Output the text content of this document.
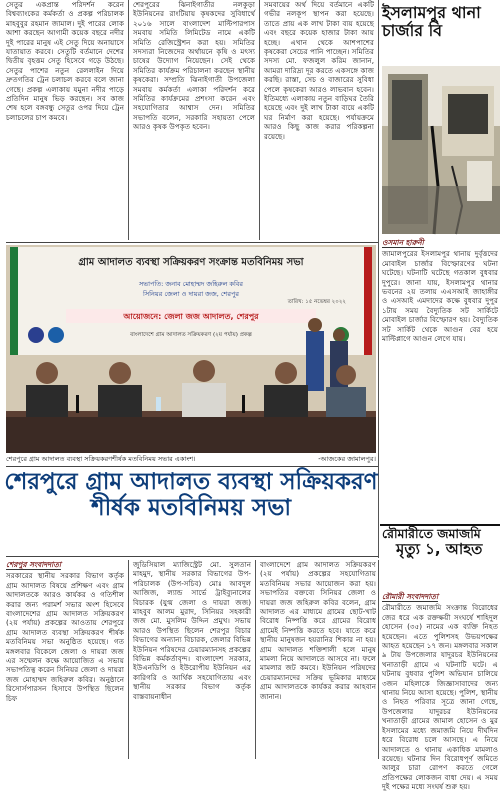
সেতুর একপ্রান্ত পরিদর্শন করেন বিশ্বব্যাংকের কর্মকর্তা ও প্রকল্প পরিচালক মাহবুবুর রহমান জামাল। দুই পারের লোক আশা করছেন আগামী কয়েক বছরে নদীর দুই পারের মানুষ এই সেতু দিয়ে অনায়াসে যাতায়াত করবে। সেতুটি বর্তমানে দেশের দ্বিতীয় বৃহত্তম সেতু হিসেবে গড়ে উঠছে। সেতুর পাশের নতুন রেললাইন দিয়ে দ্রুতগতির ট্রেন চলাচল করবে বলে জানা গেছে। প্রকল্প এলাকায় যমুনা নদীর পাড়ে প্রতিদিন মানুষ ভিড় করছেন। সব কাজ শেষ হলে বঙ্গবন্ধু সেতুর ওপর দিয়ে ট্রেন চলাচলের চাপ কমবে।

শেরপুরের ঝিনাইগাতীর নলকুড়া ইউনিয়নের রাংটিয়ায় কৃষকদের সুবিধার্থে ২০১৬ সালে বাংলাদেশ মাল্টিপারপাস সমবায় সমিতি লিমিটেড নামে একটি সমিতি রেজিস্ট্রেশন করা হয়। সমিতির সদস্যরা নিজেদের অর্থায়নে কৃষি ও মৎস্য চাষের উদ্যোগ নিয়েছেন। সেই থেকে সমিতির কার্যক্রম পরিচালনা করছেন স্থানীয় কৃষকেরা। সম্প্রতি ঝিনাইগাতী উপজেলা সমবায় কর্মকর্তা এলাকা পরিদর্শন করে সমিতির কার্যক্রমের প্রশংসা করেন এবং সহযোগিতার আশ্বাস দেন। সমিতির সভাপতি বলেন, সরকারি সহায়তা পেলে আরও কৃষক উপকৃত হবেন।

সমবায়ের অর্থ দিয়ে বর্তমানে একটি গভীর নলকূপ স্থাপন করা হয়েছে। তাতে প্রায় এক লাখ টাকা ব্যয় হয়েছে এবং বছরে কয়েক হাজার টাকা আয় হচ্ছে। এখান থেকে আশপাশের কৃষকেরা সেচের পানি পাচ্ছেন। সমিতির সদস্য মো. ফজলুল করিম জানান, আমরা দারিদ্র্য দূর করতে একসঙ্গে কাজ করছি। রাস্তা, সেচ ও বাজারের সুবিধা পেলে কৃষকেরা আরও লাভবান হবেন। ইতিমধ্যে এলাকায় নতুন বাড়িঘর তৈরি হয়েছে এবং দুই লাখ টাকা ব্যয়ে একটি ঘর নির্মাণ করা হয়েছে। পর্যায়ক্রমে আরও কিছু কাজ করার পরিকল্পনা রয়েছে।

ইসলামপুর থানা চার্জার বি
ওসমান হারুনী

জামালপুরের ইসলামপুর থানায় দুর্বৃত্তদের মোবাইল চার্জার বিস্ফোরণের ঘটনা ঘটেছে। ঘটনাটি ঘটেছে গতকাল বুধবার দুপুরে। জানা যায়, ইসলামপুর থানার ভবনের ২য় তলায় এএসআই জাহাঙ্গীর ও এসআই এমদাদের কক্ষে বুধবার দুপুর ১টায় সময় বৈদ্যুতিক সট সার্কিটে মোবাইল চার্জার বিস্ফোরণ হয়। বৈদ্যুতিক সট সার্কিট থেকে আগুন বের হয়ে মাল্টিপ্লাগে আগুন লেগে যায়।

গ্রাম আদালত ব্যবস্থা সক্রিয়করণ সংক্রান্ত মতবিনিময় সভা
সভাপতি: জনাব মোহাম্মদ জহিরুল কবির
সিনিয়র জেলা ও দায়রা জজ, শেরপুর
তারিখ: ১৫ নভেম্বর ২০২২
আয়োজনে: জেলা জজ আদালত, শেরপুর
বাংলাদেশে গ্রাম আদালত সক্রিয়করণ (২য় পর্যায়) প্রকল্প
শেরপুরে গ্রাম আদালত ব্যবস্থা সক্রিয়করণশীর্ষক মতবিনিময় সভার একাংশ।	-আজকের জামালপুর।
শেরপুরে গ্রাম আদালত ব্যবস্থা সক্রিয়করণ
শীর্ষক মতবিনিময় সভা
শেরপুর সংবাদদাতা

সরকারের স্থানীয় সরকার বিভাগ কর্তৃক গ্রাম আদালত বিষয়ে প্রশিক্ষণ এবং গ্রাম আদালতকে আরও কার্যকর ও গতিশীল করার জন্য পরামর্শ সভার অংশ হিসেবে বাংলাদেশের গ্রাম আদালত সক্রিয়করণ (২য় পর্যায়) প্রকল্পের আওতায় শেরপুরে গ্রাম আদালত ব্যবস্থা সক্রিয়করণ শীর্ষক মতবিনিময় সভা অনুষ্ঠিত হয়েছে। গত মঙ্গলবার বিকেলে জেলা ও দায়রা জজ এর সম্মেলন কক্ষে আয়োজিত এ সভায় সভাপতিত্ব করেন সিনিয়র জেলা ও দায়রা জজ মোহাম্মদ জহিরুল কবির। অনুষ্ঠানে রিসোর্সপারসন হিসাবে উপস্থিত ছিলেন চিফ

জুডিসিয়াল ম্যাজিস্ট্রেট মো. সুলতান মাহমুদ, স্থানীয় সরকার বিভাগের উপ-পরিচালক (উপ-সচিব) মোঃ আবদুল আজিজ, ল্যান্ড সার্ভে ট্রাইব্যুনালের বিচারক (যুগ্ম জেলা ও দায়রা জজ) মাহবুব আলম মুরাদ, সিনিয়র সহকারী জজ মো. মুসলিম উদ্দিন প্রমুখ। সভায় আরও উপস্থিত ছিলেন শেরপুর বিচার বিভাগের অন্যান্য বিচারক, জেলার বিভিন্ন ইউনিয়ন পরিষদের চেয়ারম্যানসহ প্রকল্পের বিভিন্ন কর্মকর্তাবৃন্দ। বাংলাদেশ সরকার, ইউএনডিপি ও ইউরোপীয় ইউনিয়ন এর কারিগরি ও আর্থিক সহযোগিতায় এবং স্থানীয় সরকার বিভাগ কর্তৃক বাস্তবায়নাধীন

বাংলাদেশে গ্রাম আদালত সক্রিয়করণ (২য় পর্যায়) প্রকল্পের সহযোগিতায় মতবিনিময় সভার আয়োজন করা হয়। সভাপতির বক্তব্যে সিনিয়র জেলা ও দায়রা জজ জহিরুল কবির বলেন, গ্রাম আদালত এর মাধ্যমে গ্রামের ছোট-খাট বিরোধ নিষ্পত্তি করে গ্রামের বিরোধ গ্রামেই নিষ্পত্তি করতে হবে। যাতে করে স্থানীয় মানুষজন হয়রানির শিকার না হয়। গ্রাম আদালত শক্তিশালী হলে মানুষ মামলা নিয়ে আদালতে আসবে না। ফলে মামলার জট কমবে। ইউনিয়ন পরিষদের চেয়ারম্যানদের সক্রিয় ভূমিকার মাধ্যমে গ্রাম আদালতকে কার্যকর করার আহবান জানান।

রৌমারীতে জমাজমি
মৃত্যু ১, আহত
রৌমারী সংবাদদাতা

রৌমারীতে জমাজমি সংক্রান্ত বিরোধের জের ধরে এক রক্তক্ষয়ী সংঘর্ষে শাহিদুল হোসেন (৩৫) নামের এক ব্যক্তি নিহত হয়েছেন। এতে পুলিশসহ উভয়পক্ষের আহত হয়েছেন ১৭ জন। মঙ্গলবার সকাল ৯ টায় উপজেলার যাদুরচর ইউনিয়নের খনাতাড়ী গ্রামে এ ঘটনাটি ঘটে। এ ঘটনায় বুধবার পুলিশ অভিযান চালিয়ে ৩জন মহিলাকে জিজ্ঞাসাবাদের জন্য থানায় নিয়ে আসা হয়েছে। পুলিশ, স্থানীয় ও নিহত পরিবার সূত্রে জানা গেছে, উপজেলার যাদুরচর ইউনিয়নের খনাতাড়ী গ্রামের জামাল হোসেন ও মুর ইসলামের মধ্যে জমাজমি নিয়ে দীর্ঘদিন ধরে বিরোধ চলে আসছে। এ নিয়ে আদালতে ও থানায় একাধিক মামলাও রয়েছে। ঘটনার দিন বিরোধপূর্ণ জমিতে আলুর চারা রোপণ করতে গেলে প্রতিপক্ষের লোকজন বাধা দেয়। এ সময় দুই পক্ষের মধ্যে সংঘর্ষ শুরু হয়।
